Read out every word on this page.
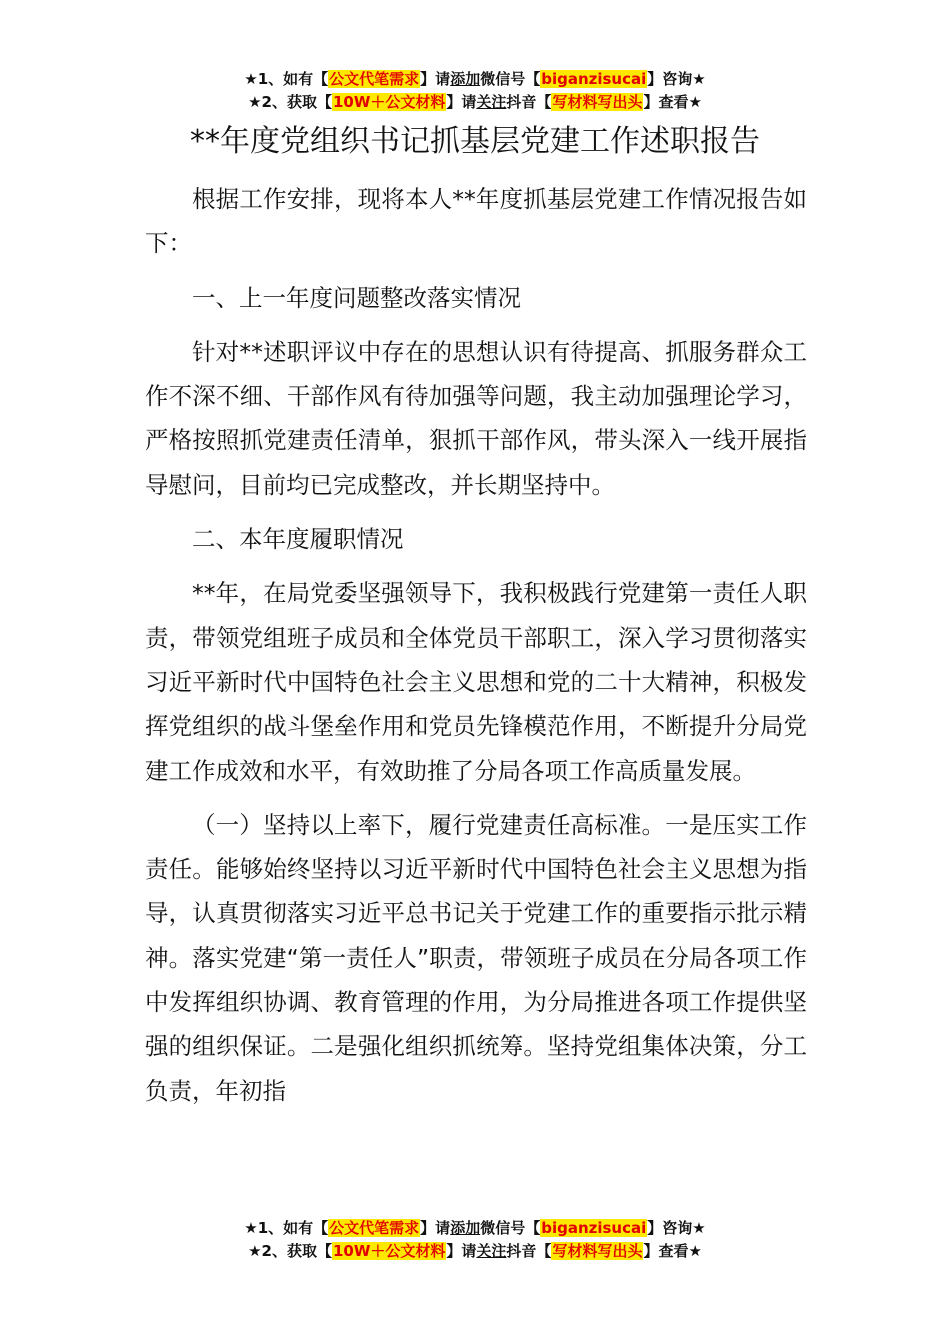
★1、如有【公文代笔需求】请添加微信号【biganzisucai】咨询★
★2、获取【10W＋公文材料】请关注抖音【写材料写出头】查看★
**年度党组织书记抓基层党建工作述职报告

根据工作安排，现将本人**年度抓基层党建工作情况报告如下：

一、上一年度问题整改落实情况

针对**述职评议中存在的思想认识有待提高、抓服务群众工作不深不细、干部作风有待加强等问题，我主动加强理论学习，严格按照抓党建责任清单，狠抓干部作风，带头深入一线开展指导慰问，目前均已完成整改，并长期坚持中。

二、本年度履职情况

**年，在局党委坚强领导下，我积极践行党建第一责任人职责，带领党组班子成员和全体党员干部职工，深入学习贯彻落实习近平新时代中国特色社会主义思想和党的二十大精神，积极发挥党组织的战斗堡垒作用和党员先锋模范作用，不断提升分局党建工作成效和水平，有效助推了分局各项工作高质量发展。

（一）坚持以上率下，履行党建责任高标准。一是压实工作责任。能够始终坚持以习近平新时代中国特色社会主义思想为指导，认真贯彻落实习近平总书记关于党建工作的重要指示批示精神。落实党建“第一责任人”职责，带领班子成员在分局各项工作中发挥组织协调、教育管理的作用，为分局推进各项工作提供坚强的组织保证。二是强化组织抓统筹。坚持党组集体决策，分工负责，年初指

★1、如有【公文代笔需求】请添加微信号【biganzisucai】咨询★
★2、获取【10W＋公文材料】请关注抖音【写材料写出头】查看★
